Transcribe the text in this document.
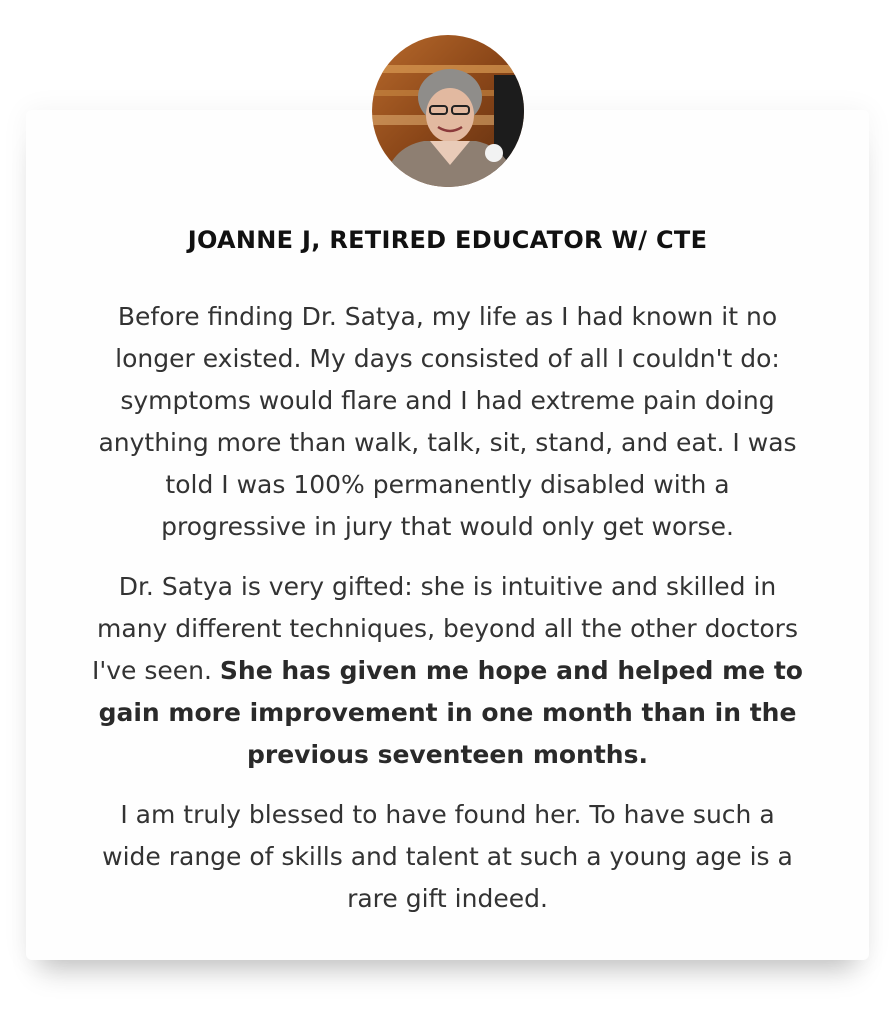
JOANNE J, RETIRED EDUCATOR W/ CTE

Before finding Dr. Satya, my life as I had known it no longer existed. My days consisted of all I couldn't do: symptoms would flare and I had extreme pain doing anything more than walk, talk, sit, stand, and eat. I was told I was 100% permanently disabled with a progressive in jury that would only get worse.

Dr. Satya is very gifted: she is intuitive and skilled in many different techniques, beyond all the other doctors I've seen. She has given me hope and helped me to gain more improvement in one month than in the previous seventeen months.

I am truly blessed to have found her. To have such a wide range of skills and talent at such a young age is a rare gift indeed.
